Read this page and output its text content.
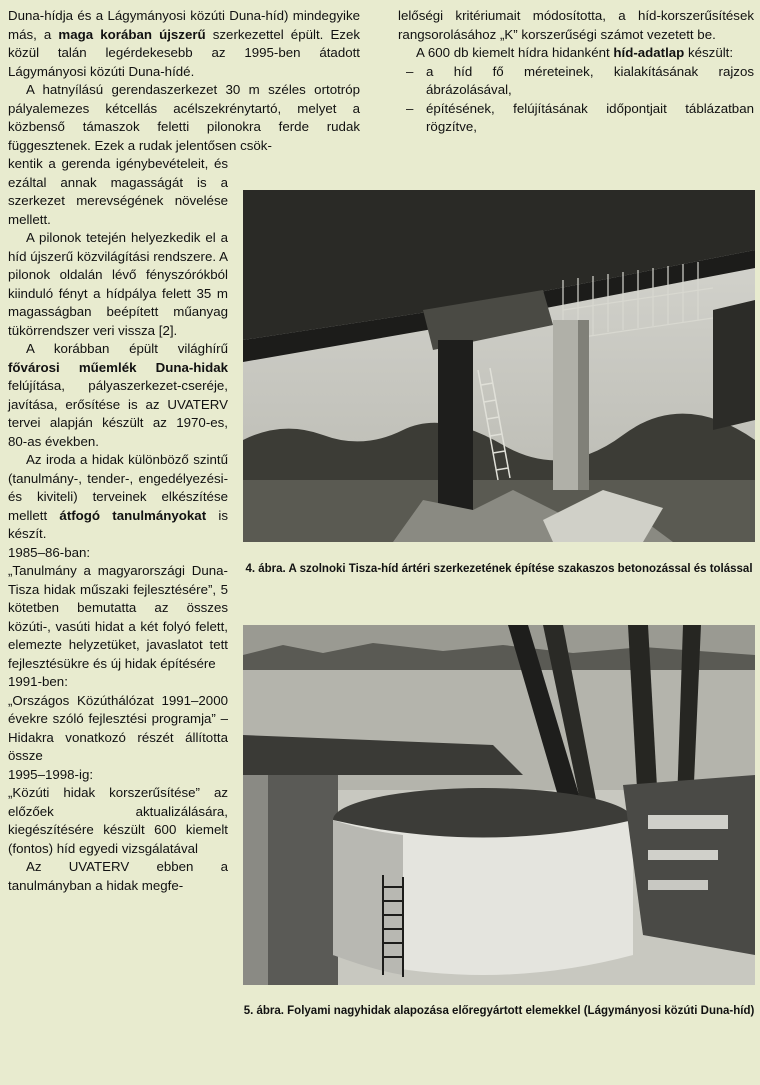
Duna-hídja és a Lágymányosi közúti Duna-híd) mindegyike más, a maga korában újszerű szerkezettel épült. Ezek közül talán legérdekesebb az 1995-ben átadott Lágymányosi közúti Duna-hídé.

A hatnyílású gerendaszerkezet 30 m széles ortotróp pályalemezes kétcellás acélszekrénytartó, melyet a közbenső támaszok feletti pilonokra ferde rudak függesztenek. Ezek a rudak jelentősen csök-

kentik a gerenda igénybevételeit, és ezáltal annak magasságát is a szerkezet merevségének növelése mellett.

A pilonok tetején helyezkedik el a híd újszerű közvilágítási rendszere. A pilonok oldalán lévő fényszórókból kiinduló fényt a hídpálya felett 35 m magasságban beépített műanyag tükörrendszer veri vissza [2].

A korábban épült világhírű fővárosi műemlék Duna-hidak felújítása, pályaszerkezet-cseréje, javítása, erősítése is az UVATERV tervei alapján készült az 1970-es, 80-as években.

Az iroda a hidak különböző szintű (tanulmány-, tender-, engedélyezési- és kiviteli) terveinek elkészítése mellett átfogó tanulmányokat is készít.

1985–86-ban:

„Tanulmány a magyarországi Duna-Tisza hidak műszaki fejlesztésére”, 5 kötetben bemutatta az összes közúti-, vasúti hidat a két folyó felett, elemezte helyzetüket, javaslatot tett fejlesztésükre és új hidak építésére

1991-ben:

„Országos Közúthálózat 1991–2000 évekre szóló fejlesztési programja” – Hidakra vonatkozó részét állította össze

1995–1998-ig:

„Közúti hidak korszerűsítése” az előzőek aktualizálására, kiegészítésére készült 600 kiemelt (fontos) híd egyedi vizsgálatával

Az UVATERV ebben a tanulmányban a hidak megfe-

lelőségi kritériumait módosította, a híd-korszerűsítések rangsorolásához „K” korszerűségi számot vezetett be.

A 600 db kiemelt hídra hidanként híd-adatlap készült:

– a híd fő méreteinek, kialakításának rajzos ábrázolásával,

– építésének, felújításának időpontjait táblázatban rögzítve,

4. ábra. A szolnoki Tisza-híd ártéri szerkezetének építése szakaszos betonozással és tolással
5. ábra. Folyami nagyhidak alapozása előregyártott elemekkel (Lágymányosi közúti Duna-híd)
